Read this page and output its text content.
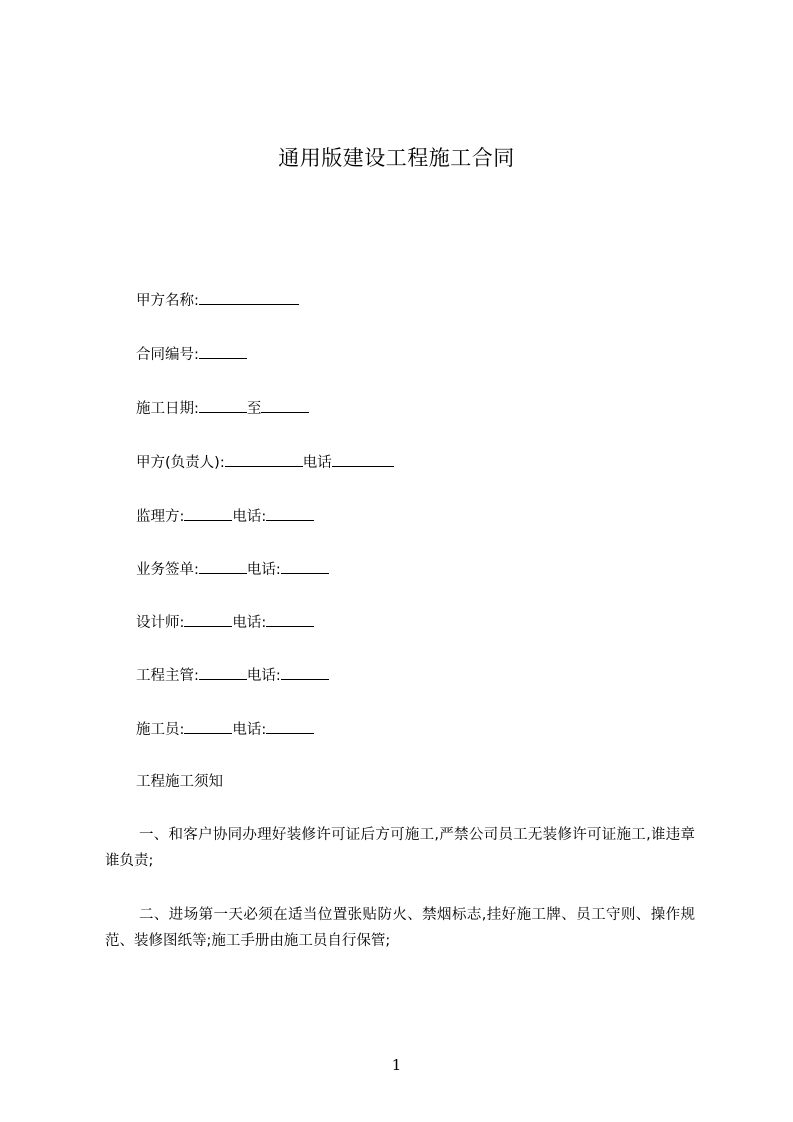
通用版建设工程施工合同
甲方名称:
合同编号:
施工日期:	至
甲方(负责人):	电话
监理方:	电话:
业务签单:	电话:
设计师:	电话:
工程主管:	电话:
施工员:	电话:
工程施工须知
一、和客户协同办理好装修许可证后方可施工,严禁公司员工无装修许可证施工,谁违章谁负责;
二、进场第一天必须在适当位置张贴防火、禁烟标志,挂好施工牌、员工守则、操作规范、装修图纸等;施工手册由施工员自行保管;
1
